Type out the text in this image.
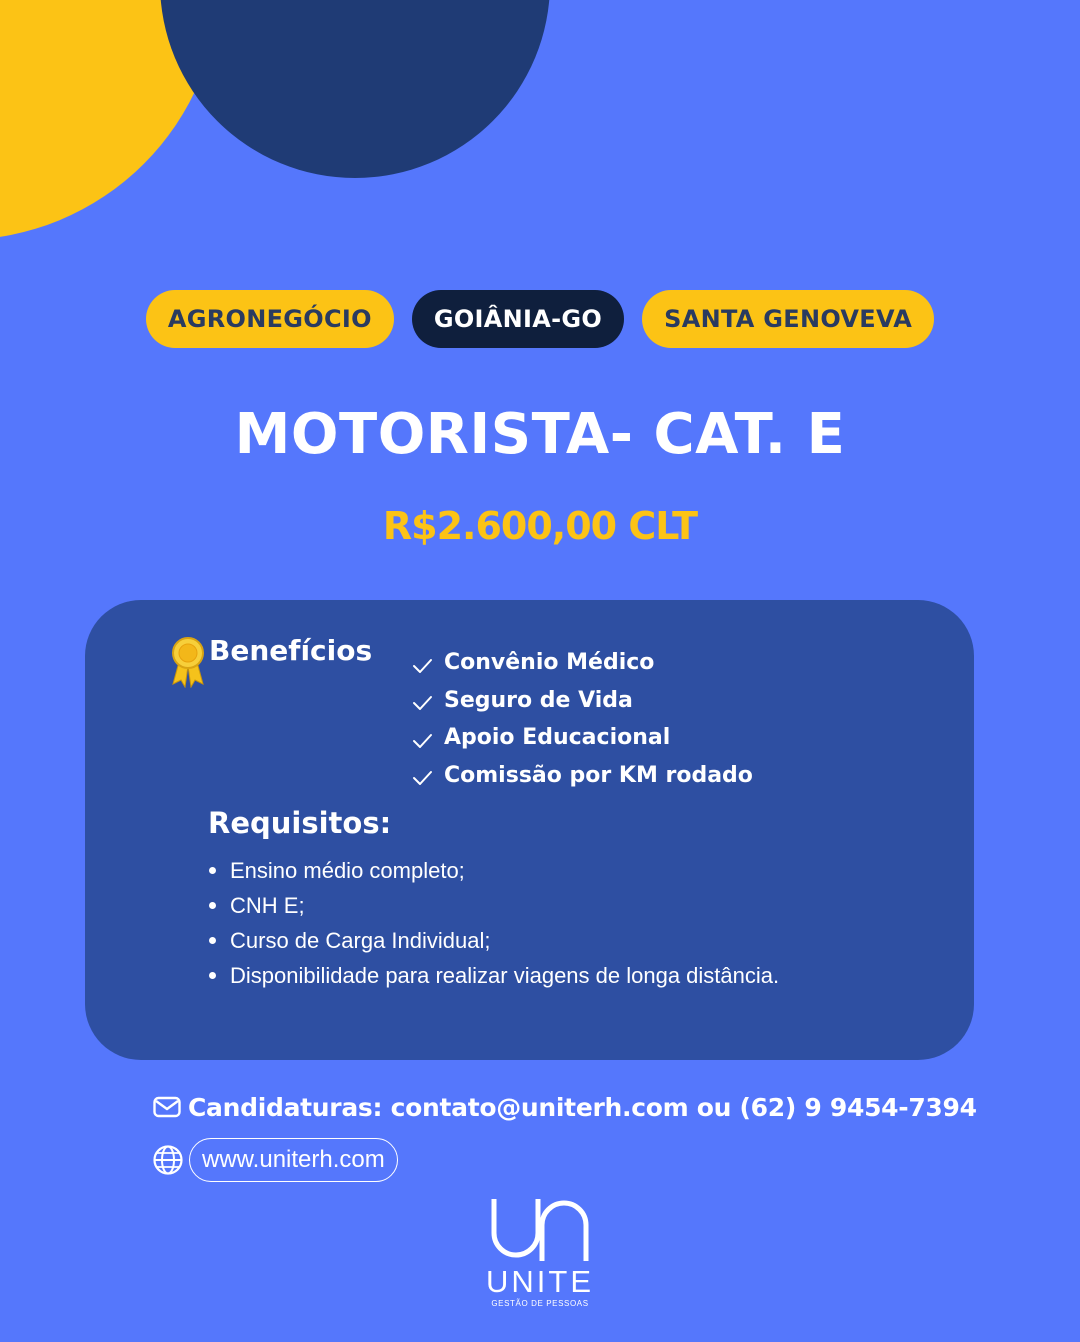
AGRONEGÓCIO	GOIÂNIA-GO	SANTA GENOVEVA
MOTORISTA- CAT. E
R$2.600,00 CLT
Benefícios	Convênio Médico
Seguro de Vida
Apoio Educacional
Comissão por KM rodado
Requisitos:
Ensino médio completo;
CNH E;
Curso de Carga Individual;
Disponibilidade para realizar viagens de longa distância.
Candidaturas: contato@uniterh.com ou (62) 9 9454-7394
www.uniterh.com
UNITE
GESTÃO DE PESSOAS
